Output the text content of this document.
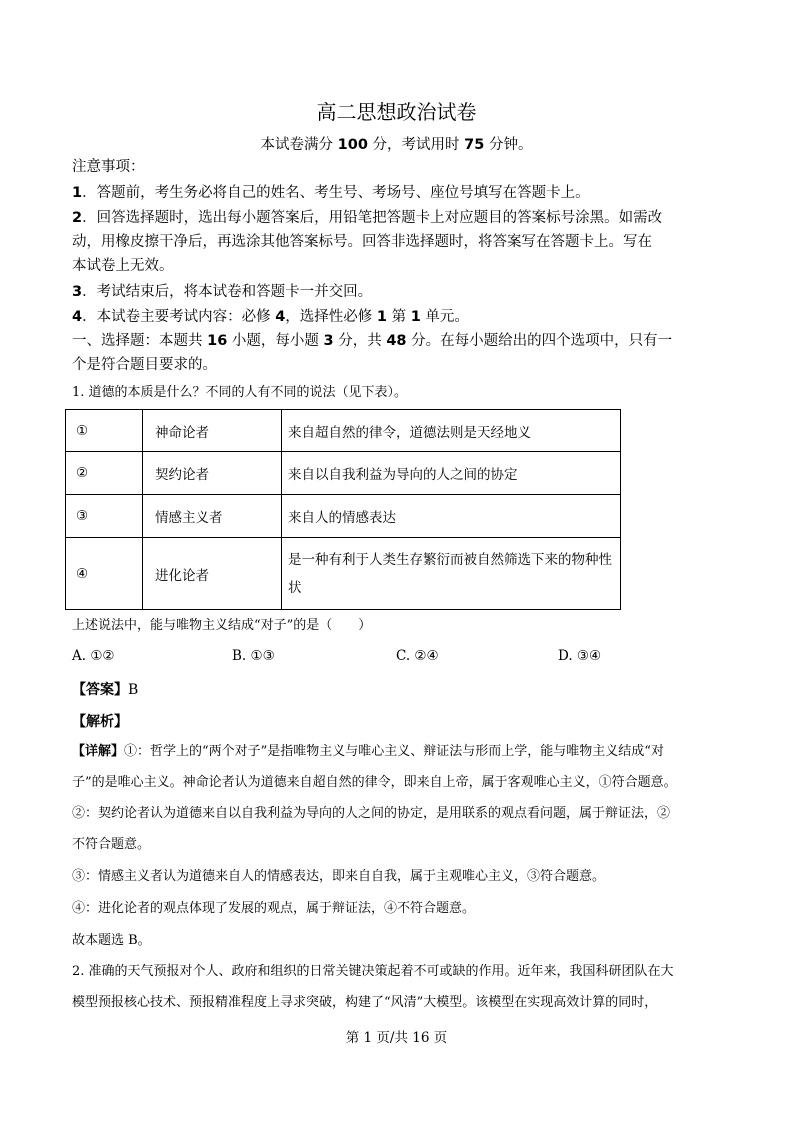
高二思想政治试卷
本试卷满分 100 分，考试用时 75 分钟。
注意事项：
1．答题前，考生务必将自己的姓名、考生号、考场号、座位号填写在答题卡上。
2．回答选择题时，选出每小题答案后，用铅笔把答题卡上对应题目的答案标号涂黑。如需改
动，用橡皮擦干净后，再选涂其他答案标号。回答非选择题时，将答案写在答题卡上。写在
本试卷上无效。
3．考试结束后，将本试卷和答题卡一并交回。
4．本试卷主要考试内容：必修 4，选择性必修 1 第 1 单元。
一、选择题：本题共 16 小题，每小题 3 分，共 48 分。在每小题给出的四个选项中，只有一
个是符合题目要求的。
1. 道德的本质是什么？不同的人有不同的说法（见下表）。
①	神命论者	来自超自然的律令，道德法则是天经地义
②	契约论者	来自以自我利益为导向的人之间的协定
③	情感主义者	来自人的情感表达
④	进化论者	是一种有利于人类生存繁衍而被自然筛选下来的物种性
状
上述说法中，能与唯物主义结成“对子”的是（　　）
A. ①②	B. ①③	C. ②④	D. ③④
【答案】B
【解析】
【详解】①：哲学上的“两个对子”是指唯物主义与唯心主义、辩证法与形而上学，能与唯物主义结成“对
子”的是唯心主义。神命论者认为道德来自超自然的律令，即来自上帝，属于客观唯心主义，①符合题意。
②：契约论者认为道德来自以自我利益为导向的人之间的协定，是用联系的观点看问题，属于辩证法，②
不符合题意。
③：情感主义者认为道德来自人的情感表达，即来自自我，属于主观唯心主义，③符合题意。
④：进化论者的观点体现了发展的观点，属于辩证法，④不符合题意。
故本题选 B。
2. 准确的天气预报对个人、政府和组织的日常关键决策起着不可或缺的作用。近年来，我国科研团队在大
模型预报核心技术、预报精准程度上寻求突破，构建了“风清”大模型。该模型在实现高效计算的同时，
第 1 页/共 16 页
